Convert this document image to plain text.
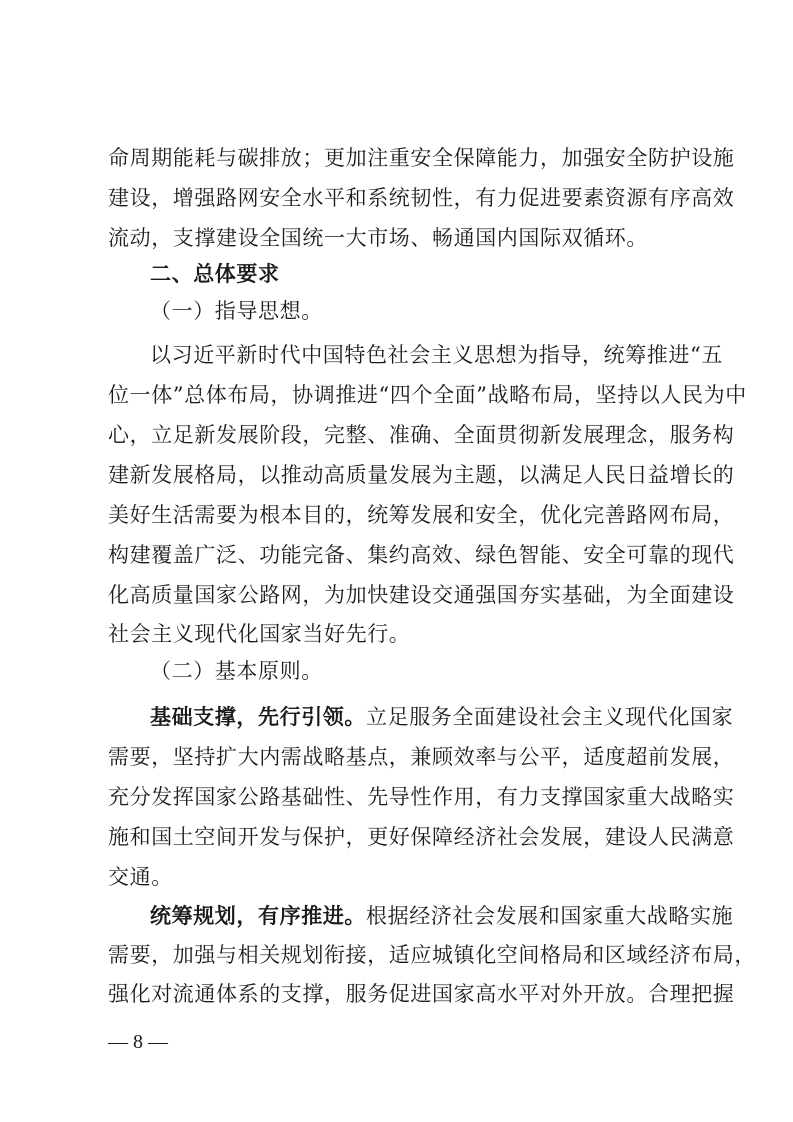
命周期能耗与碳排放；更加注重安全保障能力，加强安全防护设施
建设，增强路网安全水平和系统韧性，有力促进要素资源有序高效
流动，支撑建设全国统一大市场、畅通国内国际双循环。
二、总体要求
（一）指导思想。
以习近平新时代中国特色社会主义思想为指导，统筹推进“五
位一体”总体布局，协调推进“四个全面”战略布局，坚持以人民为中
心，立足新发展阶段，完整、准确、全面贯彻新发展理念，服务构
建新发展格局，以推动高质量发展为主题，以满足人民日益增长的
美好生活需要为根本目的，统筹发展和安全，优化完善路网布局，
构建覆盖广泛、功能完备、集约高效、绿色智能、安全可靠的现代
化高质量国家公路网，为加快建设交通强国夯实基础，为全面建设
社会主义现代化国家当好先行。
（二）基本原则。
基础支撑，先行引领。立足服务全面建设社会主义现代化国家
需要，坚持扩大内需战略基点，兼顾效率与公平，适度超前发展，
充分发挥国家公路基础性、先导性作用，有力支撑国家重大战略实
施和国土空间开发与保护，更好保障经济社会发展，建设人民满意
交通。
统筹规划，有序推进。根据经济社会发展和国家重大战略实施
需要，加强与相关规划衔接，适应城镇化空间格局和区域经济布局，
强化对流通体系的支撑，服务促进国家高水平对外开放。合理把握
— 8 —
